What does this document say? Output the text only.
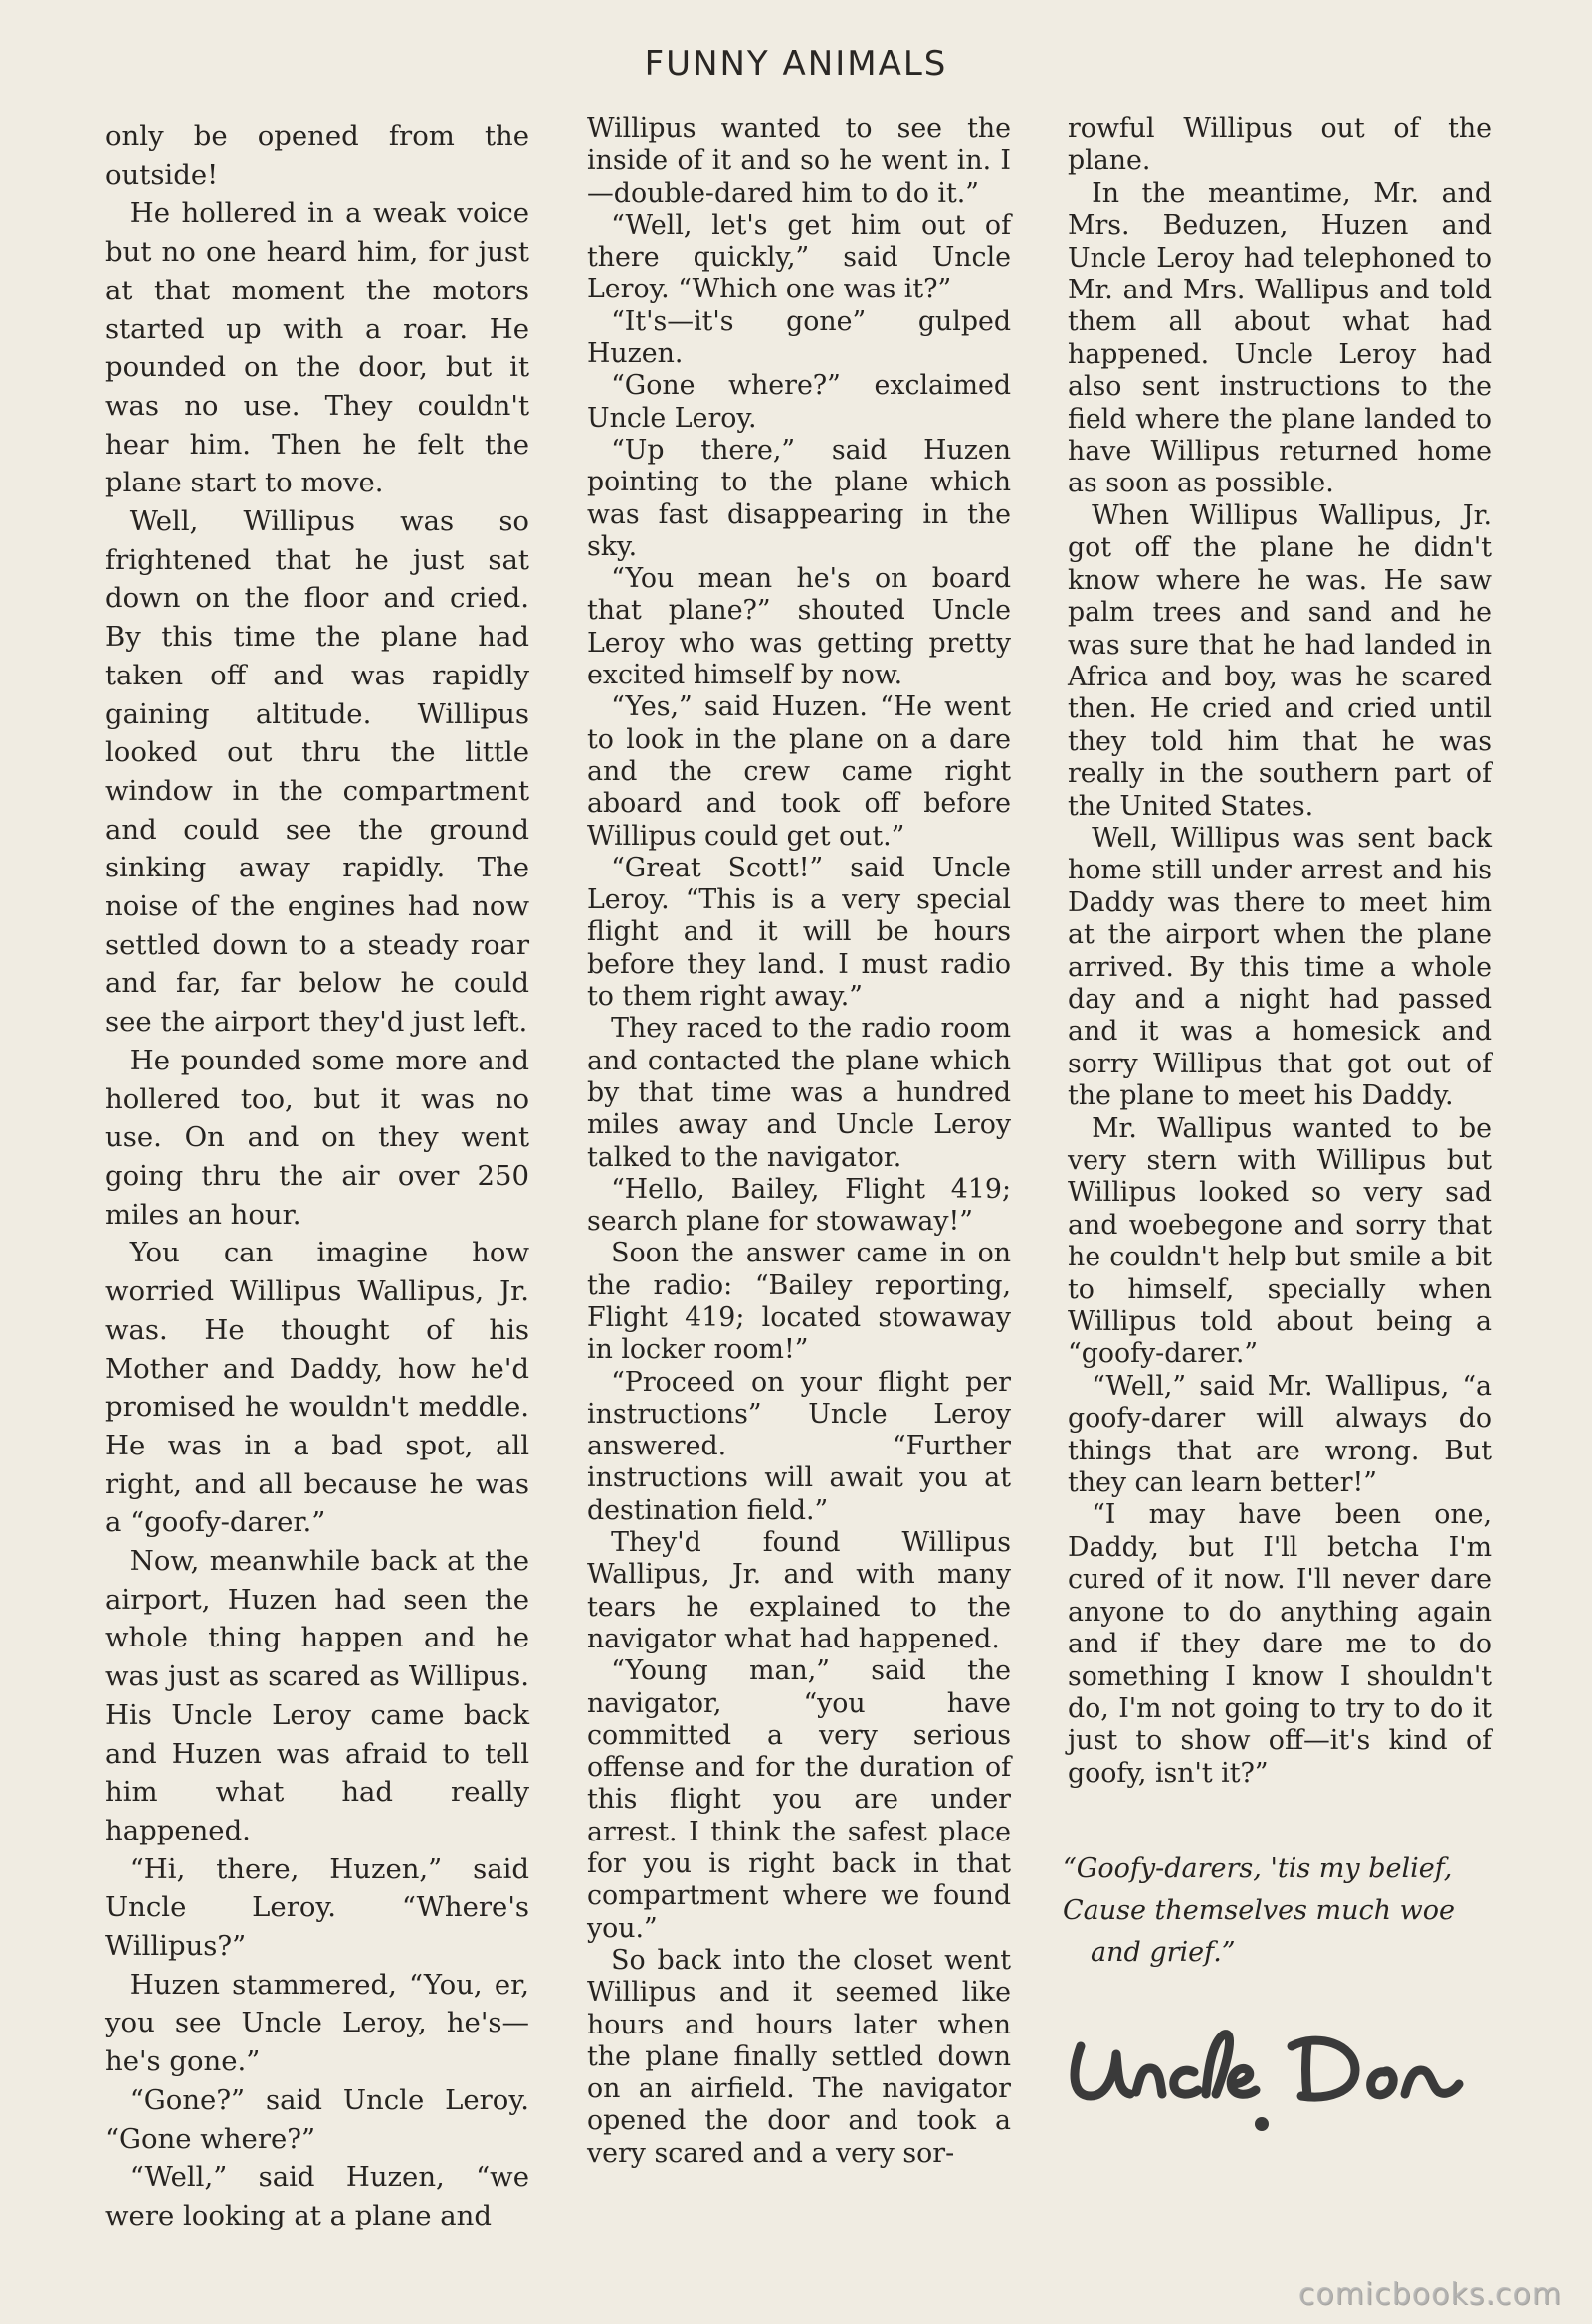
FUNNY ANIMALS

only be opened from the outside!

He hollered in a weak voice but no one heard him, for just at that moment the motors started up with a roar. He pounded on the door, but it was no use. They couldn't hear him. Then he felt the plane start to move.

Well, Willipus was so frightened that he just sat down on the floor and cried. By this time the plane had taken off and was rapidly gaining altitude. Willipus looked out thru the little window in the compartment and could see the ground sinking away rapidly. The noise of the engines had now settled down to a steady roar and far, far below he could see the airport they'd just left.

He pounded some more and hollered too, but it was no use. On and on they went going thru the air over 250 miles an hour.

You can imagine how worried Willipus Wallipus, Jr. was. He thought of his Mother and Daddy, how he'd promised he wouldn't meddle. He was in a bad spot, all right, and all because he was a “goofy-darer.”

Now, meanwhile back at the airport, Huzen had seen the whole thing happen and he was just as scared as Willipus. His Uncle Leroy came back and Huzen was afraid to tell him what had really happened.

“Hi, there, Huzen,” said Uncle Leroy. “Where's Willipus?”

Huzen stammered, “You, er, you see Uncle Leroy, he's—he's gone.”

“Gone?” said Uncle Leroy. “Gone where?”

“Well,” said Huzen, “we were looking at a plane and

Willipus wanted to see the inside of it and so he went in. I—double-dared him to do it.”

“Well, let's get him out of there quickly,” said Uncle Leroy. “Which one was it?”

“It's—it's gone” gulped Huzen.

“Gone where?” exclaimed Uncle Leroy.

“Up there,” said Huzen pointing to the plane which was fast disappearing in the sky.

“You mean he's on board that plane?” shouted Uncle Leroy who was getting pretty excited himself by now.

“Yes,” said Huzen. “He went to look in the plane on a dare and the crew came right aboard and took off before Willipus could get out.”

“Great Scott!” said Uncle Leroy. “This is a very special flight and it will be hours before they land. I must radio to them right away.”

They raced to the radio room and contacted the plane which by that time was a hundred miles away and Uncle Leroy talked to the navigator.

“Hello, Bailey, Flight 419; search plane for stowaway!”

Soon the answer came in on the radio: “Bailey reporting, Flight 419; located stowaway in locker room!”

“Proceed on your flight per instructions” Uncle Leroy answered. “Further instructions will await you at destination field.”

They'd found Willipus Wallipus, Jr. and with many tears he explained to the navigator what had happened.

“Young man,” said the navigator, “you have committed a very serious offense and for the duration of this flight you are under arrest. I think the safest place for you is right back in that compartment where we found you.”

So back into the closet went Willipus and it seemed like hours and hours later when the plane finally settled down on an airfield. The navigator opened the door and took a very scared and a very sor-

rowful Willipus out of the plane.

In the meantime, Mr. and Mrs. Beduzen, Huzen and Uncle Leroy had telephoned to Mr. and Mrs. Wallipus and told them all about what had happened. Uncle Leroy had also sent instructions to the field where the plane landed to have Willipus returned home as soon as possible.

When Willipus Wallipus, Jr. got off the plane he didn't know where he was. He saw palm trees and sand and he was sure that he had landed in Africa and boy, was he scared then. He cried and cried until they told him that he was really in the southern part of the United States.

Well, Willipus was sent back home still under arrest and his Daddy was there to meet him at the airport when the plane arrived. By this time a whole day and a night had passed and it was a homesick and sorry Willipus that got out of the plane to meet his Daddy.

Mr. Wallipus wanted to be very stern with Willipus but Willipus looked so very sad and woebegone and sorry that he couldn't help but smile a bit to himself, specially when Willipus told about being a “goofy-darer.”

“Well,” said Mr. Wallipus, “a goofy-darer will always do things that are wrong. But they can learn better!”

“I may have been one, Daddy, but I'll betcha I'm cured of it now. I'll never dare anyone to do anything again and if they dare me to do something I know I shouldn't do, I'm not going to try to do it just to show off—it's kind of goofy, isn't it?”

“Goofy-darers, 'tis my belief,
Cause themselves much woe
and grief.”
comicbooks.com
